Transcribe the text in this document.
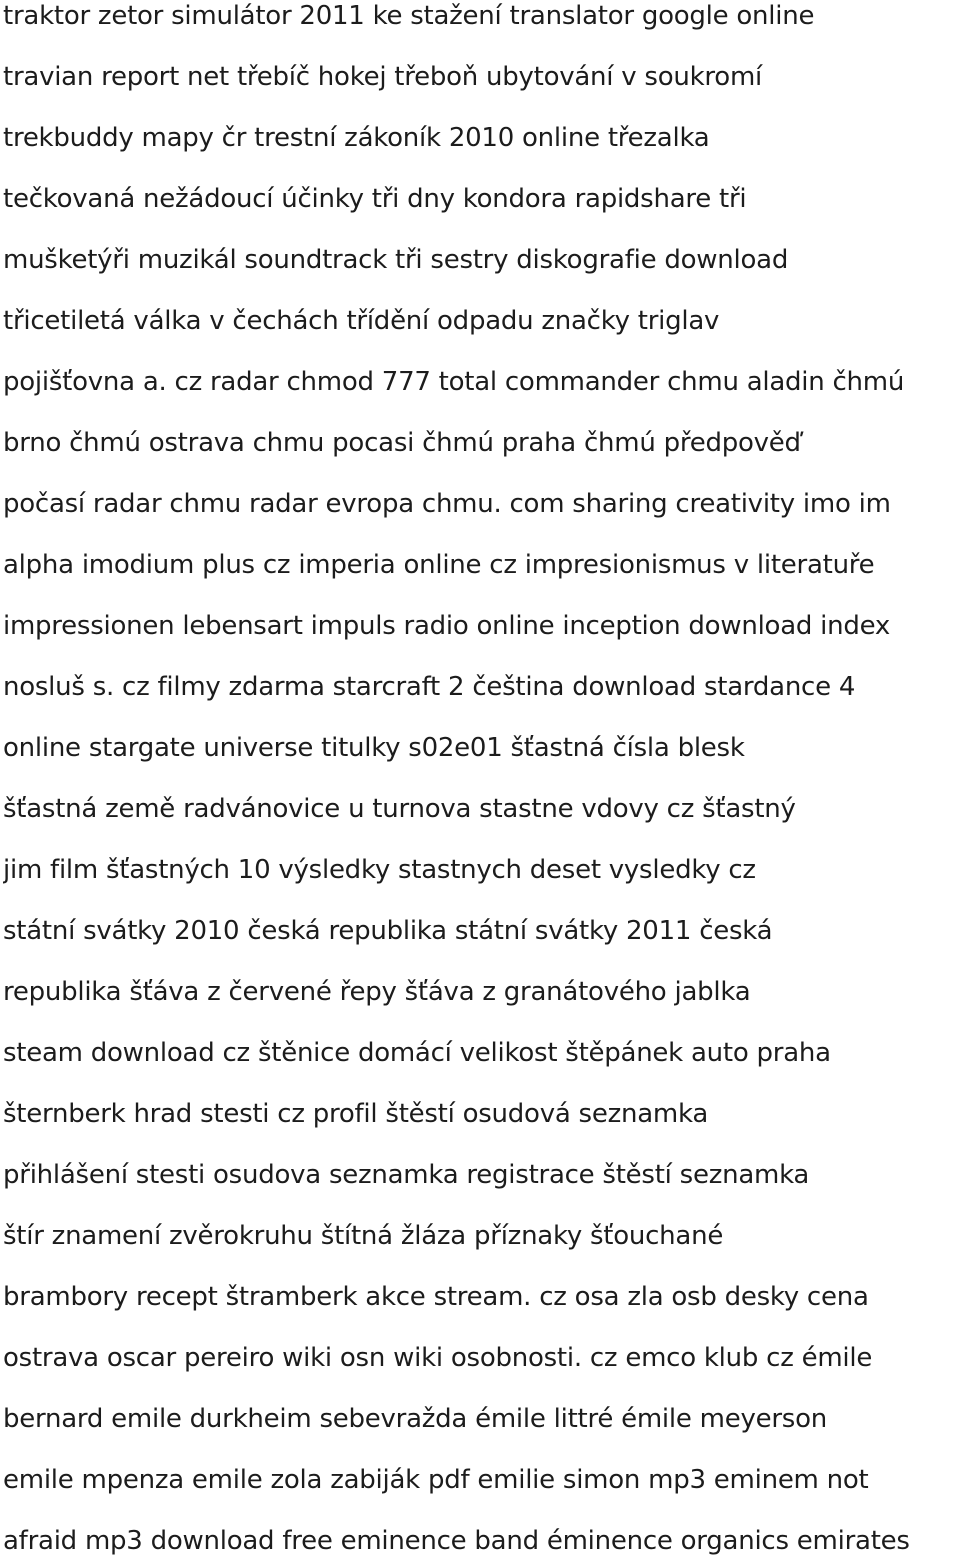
traktor zetor simulátor 2011 ke stažení translator google online
travian report net třebíč hokej třeboň ubytování v soukromí
trekbuddy mapy čr trestní zákoník 2010 online třezalka
tečkovaná nežádoucí účinky tři dny kondora rapidshare tři
mušketýři muzikál soundtrack tři sestry diskografie download
třicetiletá válka v čechách třídění odpadu značky triglav
pojišťovna a. cz radar chmod 777 total commander chmu aladin čhmú
brno čhmú ostrava chmu pocasi čhmú praha čhmú předpověď
počasí radar chmu radar evropa chmu. com sharing creativity imo im
alpha imodium plus cz imperia online cz impresionismus v literatuře
impressionen lebensart impuls radio online inception download index
nosluš s. cz filmy zdarma starcraft 2 čeština download stardance 4
online stargate universe titulky s02e01 šťastná čísla blesk
šťastná země radvánovice u turnova stastne vdovy cz šťastný
jim film šťastných 10 výsledky stastnych deset vysledky cz
státní svátky 2010 česká republika státní svátky 2011 česká
republika šťáva z červené řepy šťáva z granátového jablka
steam download cz štěnice domácí velikost štěpánek auto praha
šternberk hrad stesti cz profil štěstí osudová seznamka
přihlášení stesti osudova seznamka registrace štěstí seznamka
štír znamení zvěrokruhu štítná žláza příznaky šťouchané
brambory recept štramberk akce stream. cz osa zla osb desky cena
ostrava oscar pereiro wiki osn wiki osobnosti. cz emco klub cz émile
bernard emile durkheim sebevražda émile littré émile meyerson
emile mpenza emile zola zabiják pdf emilie simon mp3 eminem not
afraid mp3 download free eminence band éminence organics emirates
